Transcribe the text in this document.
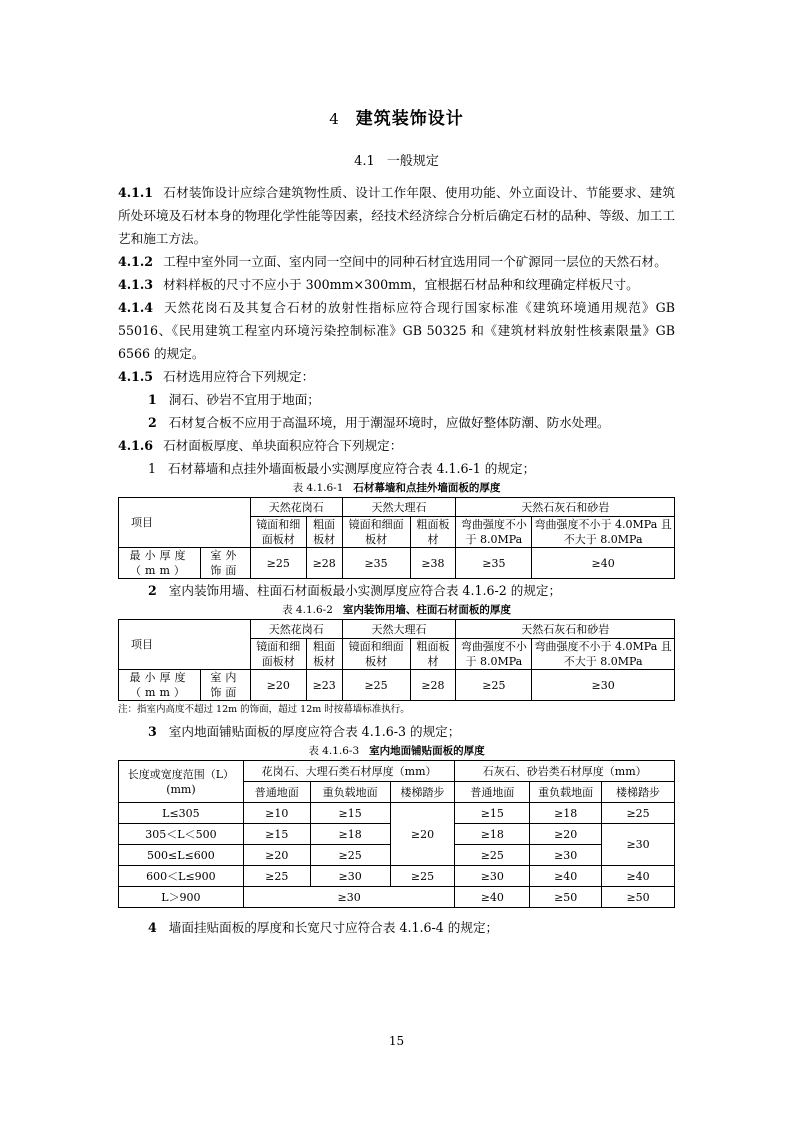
4 建筑装饰设计
4.1 一般规定

4.1.1 石材装饰设计应综合建筑物性质、设计工作年限、使用功能、外立面设计、节能要求、建筑所处环境及石材本身的物理化学性能等因素，经技术经济综合分析后确定石材的品种、等级、加工工艺和施工方法。

4.1.2 工程中室外同一立面、室内同一空间中的同种石材宜选用同一个矿源同一层位的天然石材。

4.1.3 材料样板的尺寸不应小于 300mm×300mm，宜根据石材品种和纹理确定样板尺寸。

4.1.4 天然花岗石及其复合石材的放射性指标应符合现行国家标准《建筑环境通用规范》GB 55016、《民用建筑工程室内环境污染控制标准》GB 50325 和《建筑材料放射性核素限量》GB 6566 的规定。

4.1.5 石材选用应符合下列规定：

1 洞石、砂岩不宜用于地面；

2 石材复合板不应用于高温环境，用于潮湿环境时，应做好整体防潮、防水处理。

4.1.6 石材面板厚度、单块面积应符合下列规定：

1 石材幕墙和点挂外墙面板最小实测厚度应符合表 4.1.6-1 的规定；

表 4.1.6-1 石材幕墙和点挂外墙面板的厚度
项目		天然花岗石		天然大理石		天然石灰石和砂岩	
		镜面和细面板材	粗面板材	镜面和细面板材	粗面板材	弯曲强度不小于 8.0MPa	弯曲强度不小于 4.0MPa 且不大于 8.0MPa
最小厚度（mm）	室外饰面	≥25	≥28	≥35	≥38	≥35	≥40

2 室内装饰用墙、柱面石材面板最小实测厚度应符合表 4.1.6-2 的规定；

表 4.1.6-2 室内装饰用墙、柱面石材面板的厚度
项目		天然花岗石		天然大理石		天然石灰石和砂岩	
		镜面和细面板材	粗面板材	镜面和细面板材	粗面板材	弯曲强度不小于 8.0MPa	弯曲强度不小于 4.0MPa 且不大于 8.0MPa
最小厚度（mm）	室内饰面	≥20	≥23	≥25	≥28	≥25	≥30
注：指室内高度不超过 12m 的饰面，超过 12m 时按幕墙标准执行。

3 室内地面铺贴面板的厚度应符合表 4.1.6-3 的规定；

表 4.1.6-3 室内地面铺贴面板的厚度
长度或宽度范围（L）(mm)	花岗石、大理石类石材厚度（mm）			石灰石、砂岩类石材厚度（mm）		
	普通地面	重负载地面	楼梯踏步	普通地面	重负载地面	楼梯踏步
L≤305	≥10	≥15	≥20	≥15	≥18	≥25
305＜L＜500	≥15	≥18		≥18	≥20	≥30
500≤L≤600	≥20	≥25		≥25	≥30	
600＜L≤900	≥25	≥30	≥25	≥30	≥40	≥40
L＞900	≥30			≥40	≥50	≥50

4 墙面挂贴面板的厚度和长宽尺寸应符合表 4.1.6-4 的规定；

15
